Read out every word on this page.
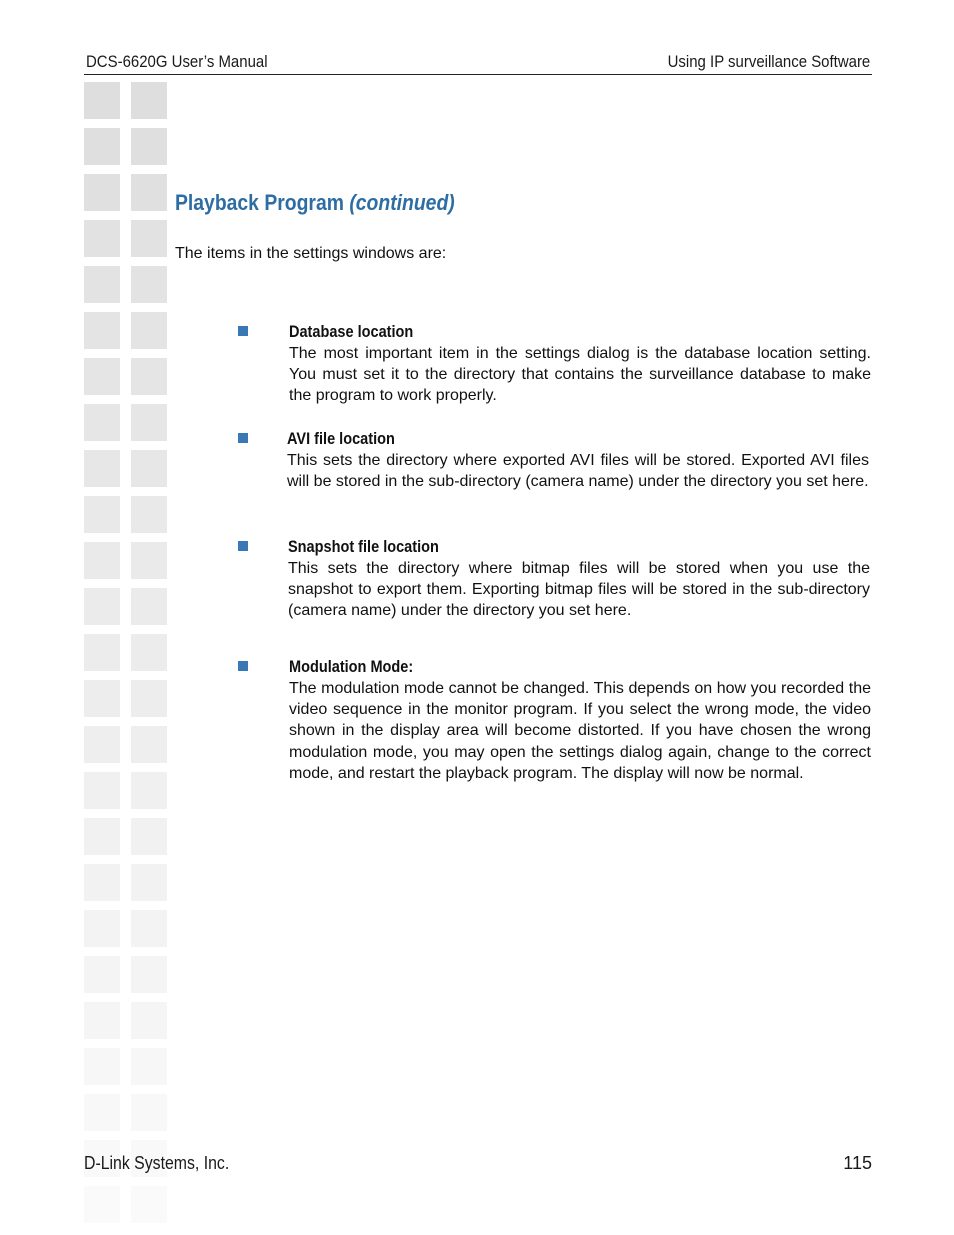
DCS-6620G User’s Manual	Using IP surveillance Software
Playback Program (continued)
The items in the settings windows are:
Database location
The most important item in the settings dialog is the database location setting. You must set it to the directory that contains the surveillance database to make the program to work properly.
AVI file location
This sets the directory where exported AVI files will be stored. Exported AVI files will be stored in the sub-directory (camera name) under the directory you set here.
Snapshot file location
This sets the directory where bitmap files will be stored when you use the snapshot to export them. Exporting bitmap files will be stored in the sub-directory (camera name) under the directory you set here.
Modulation Mode:
The modulation mode cannot be changed. This depends on how you recorded the video sequence in the monitor program. If you select the wrong mode, the video shown in the display area will become distorted. If you have chosen the wrong modulation mode, you may open the settings dialog again, change to the correct mode, and restart the playback program. The display will now be normal.
D-Link Systems, Inc.	115
